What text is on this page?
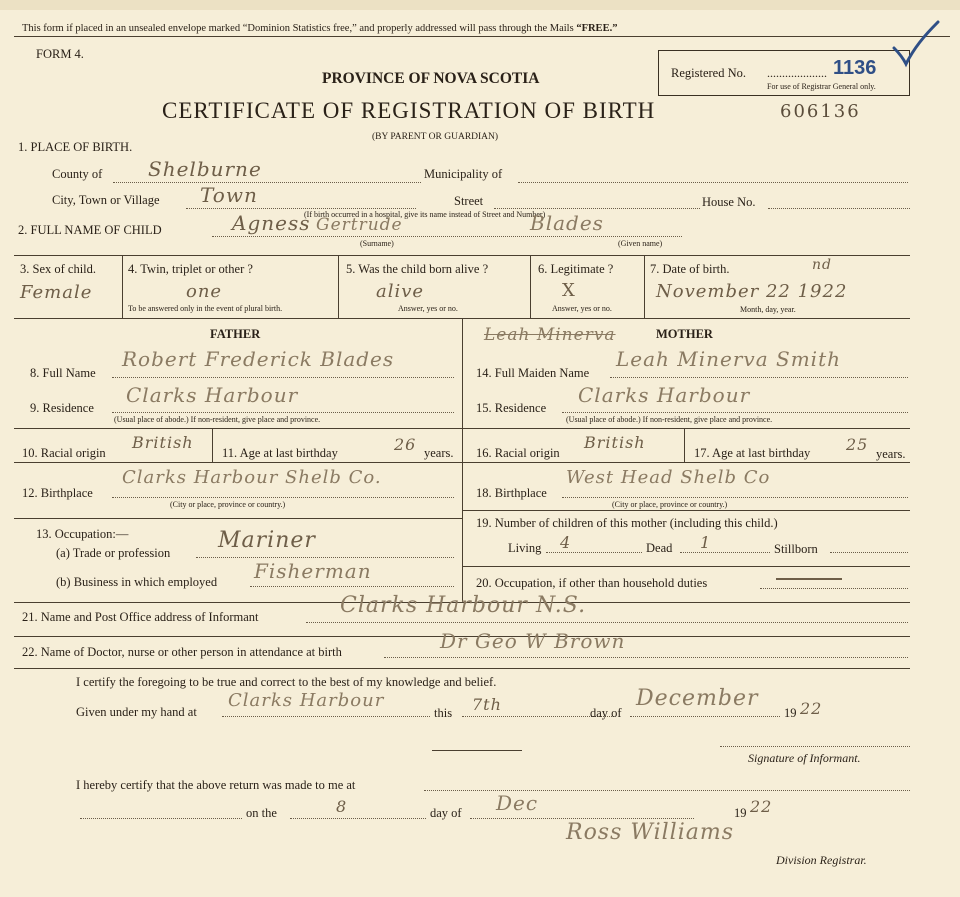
This form if placed in an unsealed envelope marked “Dominion Statistics free,” and properly addressed will pass through the Mails “FREE.”
FORM 4.
Registered No. .................... 1136
For use of Registrar General only.
PROVINCE OF NOVA SCOTIA
CERTIFICATE OF REGISTRATION OF BIRTH
(BY PARENT OR GUARDIAN)
606136
1. PLACE OF BIRTH.
County of Shelburne	Municipality of
City, Town or Village Town	Street	House No.
(If birth occurred in a hospital, give its name instead of Street and Number)
2. FULL NAME OF CHILD	Agness Gertrude	Blades
(Surname)	(Given name)
3. Sex of child.
Female
4. Twin, triplet or other ?
one
To be answered only in the event of plural birth.
5. Was the child born alive ?
alive
Answer, yes or no.
6. Legitimate ?
X
Answer, yes or no.
7. Date of birth.	nd
November 22 1922
Month, day, year.
FATHER	Leah Minerva	MOTHER
8. Full Name
Robert Frederick Blades
9. Residence
Clarks Harbour
(Usual place of abode.) If non-resident, give place and province.
10. Racial origin
British
11. Age at last birthday	26 years.
12. Birthplace
Clarks Harbour Shelb Co.
(City or place, province or country.)
14. Full Maiden Name
Leah Minerva Smith
15. Residence
Clarks Harbour
(Usual place of abode.) If non-resident, give place and province.
16. Racial origin
British
17. Age at last birthday 25 years.
18. Birthplace
West Head Shelb Co
(City or place, province or country.)
19. Number of children of this mother (including this child.)
Living 4	Dead 1	Stillborn
20. Occupation, if other than household duties
13. Occupation:—
(a) Trade or profession Mariner
(b) Business in which employed Fisherman
21. Name and Post Office address of Informant	Clarks Harbour N.S.
22. Name of Doctor, nurse or other person in attendance at birth	Dr Geo W Brown
I certify the foregoing to be true and correct to the best of my knowledge and belief.
Given under my hand at
Clarks Harbour
this 7th	day of
December
19 22
Signature of Informant.
I hereby certify that the above return was made to me at
on the	8	day of Dec	19 22
Ross Williams
Division Registrar.
